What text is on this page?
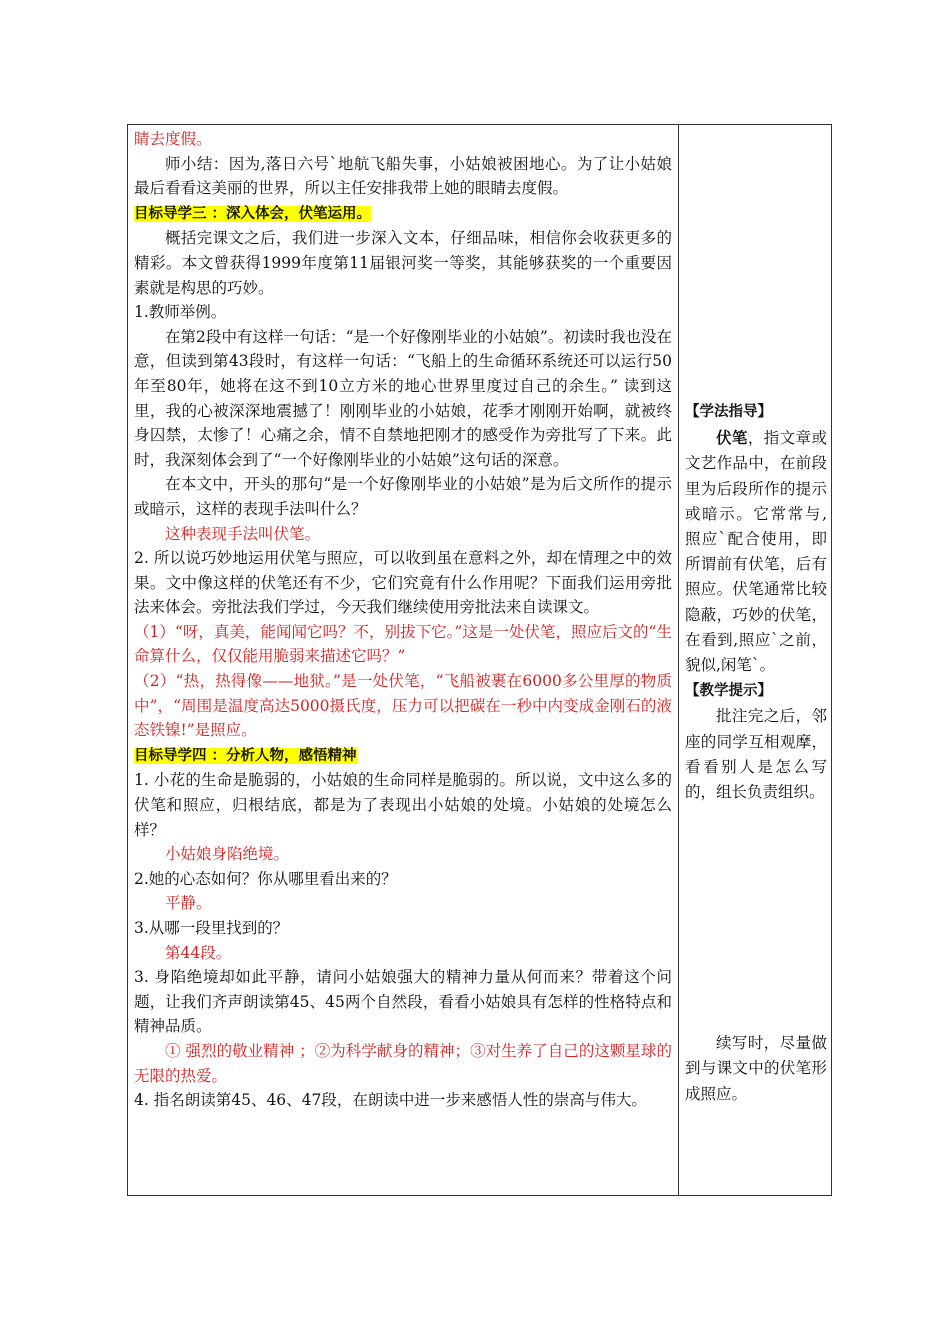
睛去度假。

师小结：因为,落日六号`地航飞船失事，小姑娘被困地心。为了让小姑娘最后看看这美丽的世界，所以主任安排我带上她的眼睛去度假。

目标导学三 ：深入体会，伏笔运用。

概括完课文之后，我们进一步深入文本，仔细品味，相信你会收获更多的精彩。本文曾获得1999年度第11届银河奖一等奖，其能够获奖的一个重要因素就是构思的巧妙。

1.教师举例。

在第2段中有这样一句话：“是一个好像刚毕业的小姑娘”。初读时我也没在意，但读到第43段时，有这样一句话：“飞船上的生命循环系统还可以运行50年至80年，她将在这不到10立方米的地心世界里度过自己的余生。” 读到这里，我的心被深深地震撼了！刚刚毕业的小姑娘，花季才刚刚开始啊，就被终身囚禁，太惨了！心痛之余，情不自禁地把刚才的感受作为旁批写了下来。此时，我深刻体会到了“一个好像刚毕业的小姑娘”这句话的深意。

在本文中，开头的那句“是一个好像刚毕业的小姑娘”是为后文所作的提示或暗示，这样的表现手法叫什么？

这种表现手法叫伏笔。

2. 所以说巧妙地运用伏笔与照应，可以收到虽在意料之外，却在情理之中的效果。文中像这样的伏笔还有不少，它们究竟有什么作用呢？下面我们运用旁批法来体会。旁批法我们学过，今天我们继续使用旁批法来自读课文。

（1）“呀，真美，能闻闻它吗？不，别拔下它。”这是一处伏笔，照应后文的“生命算什么，仅仅能用脆弱来描述它吗？”

（2）“热，热得像——地狱。”是一处伏笔，“飞船被裹在6000多公里厚的物质中”，“周围是温度高达5000摄氏度，压力可以把碳在一秒中内变成金刚石的液态铁镍!”是照应。

目标导学四 ：分析人物，感悟精神

1. 小花的生命是脆弱的，小姑娘的生命同样是脆弱的。所以说，文中这么多的伏笔和照应，归根结底，都是为了表现出小姑娘的处境。小姑娘的处境怎么样？

小姑娘身陷绝境。

2.她的心态如何？你从哪里看出来的？

平静。

3.从哪一段里找到的？

第44段。

3. 身陷绝境却如此平静，请问小姑娘强大的精神力量从何而来？带着这个问题，让我们齐声朗读第45、45两个自然段，看看小姑娘具有怎样的性格特点和精神品质。

① 强烈的敬业精神 ；②为科学献身的精神；③对生养了自己的这颗星球的无限的热爱。

4. 指名朗读第45、46、47段，在朗读中进一步来感悟人性的崇高与伟大。

【学法指导】

伏笔，指文章或文艺作品中，在前段里为后段所作的提示或暗示。它常常与,照应`配合使用，即所谓前有伏笔，后有照应。伏笔通常比较隐蔽，巧妙的伏笔，在看到,照应`之前，貌似,闲笔`。

【教学提示】

批注完之后，邻座的同学互相观摩，看看别人是怎么写的，组长负责组织。

续写时，尽量做到与课文中的伏笔形成照应。
